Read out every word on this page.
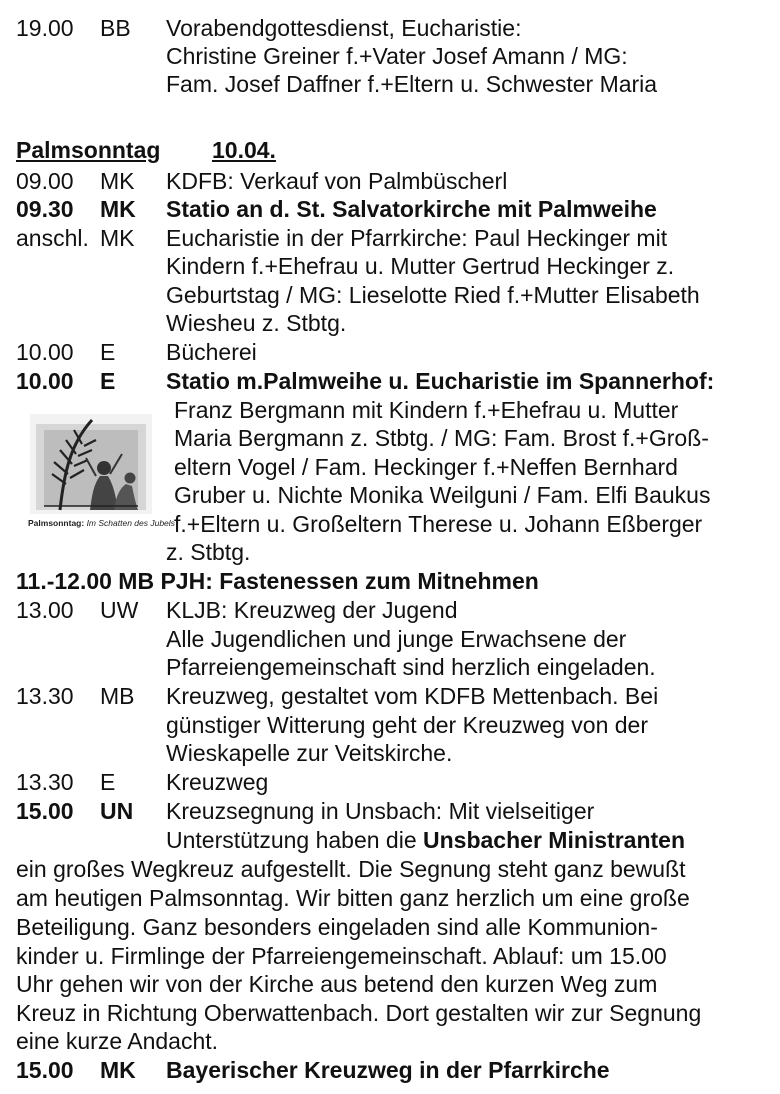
19.00 BB Vorabendgottesdienst, Eucharistie:
Christine Greiner f.+Vater Josef Amann / MG:
Fam. Josef Daffner f.+Eltern u. Schwester Maria
Palmsonntag 10.04.
09.00 MK KDFB: Verkauf von Palmbüscherl
09.30 MK Statio an d. St. Salvatorkirche mit Palmweihe
anschl. MK Eucharistie in der Pfarrkirche: Paul Heckinger mit
Kindern f.+Ehefrau u. Mutter Gertrud Heckinger z.
Geburtstag / MG: Lieselotte Ried f.+Mutter Elisabeth
Wiesheu z. Stbtg.
10.00 E Bücherei
10.00 E Statio m.Palmweihe u. Eucharistie im Spannerhof:
Franz Bergmann mit Kindern f.+Ehefrau u. Mutter
Maria Bergmann z. Stbtg. / MG: Fam. Brost f.+Groß-
eltern Vogel / Fam. Heckinger f.+Neffen Bernhard
Gruber u. Nichte Monika Weilguni / Fam. Elfi Baukus
f.+Eltern u. Großeltern Therese u. Johann Eßberger
z. Stbtg.
Palmsonntag: Im Schatten des Jubels
11.-12.00 MB PJH: Fastenessen zum Mitnehmen
13.00 UW KLJB: Kreuzweg der Jugend
Alle Jugendlichen und junge Erwachsene der
Pfarreiengemeinschaft sind herzlich eingeladen.
13.30 MB Kreuzweg, gestaltet vom KDFB Mettenbach. Bei
günstiger Witterung geht der Kreuzweg von der
Wieskapelle zur Veitskirche.
13.30 E Kreuzweg
15.00 UN Kreuzsegnung in Unsbach: Mit vielseitiger
Unterstützung haben die Unsbacher Ministranten
ein großes Wegkreuz aufgestellt. Die Segnung steht ganz bewußt
am heutigen Palmsonntag. Wir bitten ganz herzlich um eine große
Beteiligung. Ganz besonders eingeladen sind alle Kommunion-
kinder u. Firmlinge der Pfarreiengemeinschaft. Ablauf: um 15.00
Uhr gehen wir von der Kirche aus betend den kurzen Weg zum
Kreuz in Richtung Oberwattenbach. Dort gestalten wir zur Segnung
eine kurze Andacht.
15.00 MK Bayerischer Kreuzweg in der Pfarrkirche
